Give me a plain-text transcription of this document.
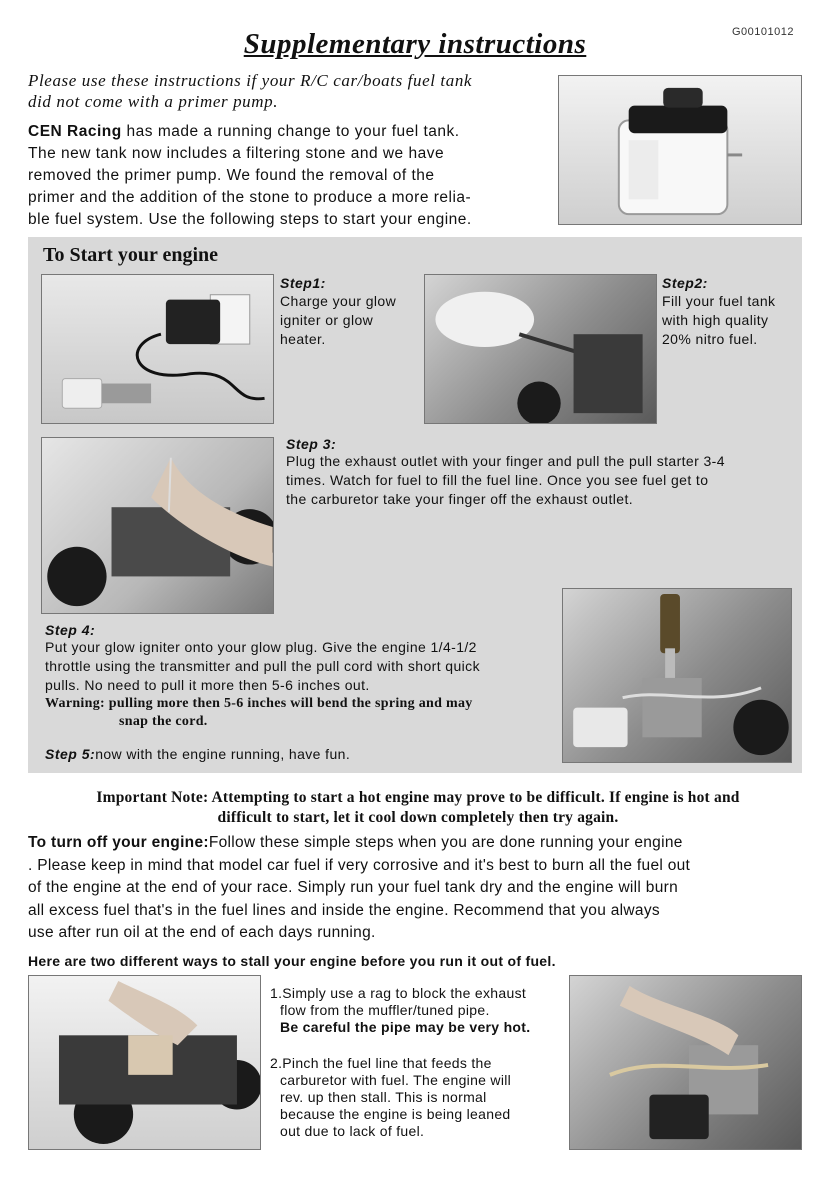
G00101012
Supplementary instructions
Please use these instructions if your R/C car/boats fuel tank
did not come with a primer pump.
CEN Racing has made a running change to your fuel tank.
The new tank now includes a filtering stone and we have
removed the primer pump. We found the removal of the
primer and the addition of the stone to produce a more relia-
ble fuel system. Use the following steps to start your engine.
To Start your engine
Step1:
Charge your glow
igniter or glow
heater.
Step2:
Fill your fuel tank
with high quality
20% nitro fuel.
Step 3:
Plug the exhaust outlet with your finger and pull the pull starter 3-4
times. Watch for fuel to fill the fuel line. Once you see fuel get to
the carburetor take your finger off the exhaust outlet.
Step 4:
Put your glow igniter onto your glow plug. Give the engine 1/4-1/2
throttle using the transmitter and pull the pull cord with short quick
pulls. No need to pull it more then 5-6 inches out.
Warning: pulling more then 5-6 inches will bend the spring and may
snap the cord.
Step 5:now with the engine running, have fun.
Important Note: Attempting to start a hot engine may prove to be difficult. If engine is hot and
difficult to start, let it cool down completely then try again.
To turn off your engine:Follow these simple steps when you are done running your engine
. Please keep in mind that model car fuel if very corrosive and it's best to burn all the fuel out
of the engine at the end of your race. Simply run your fuel tank dry and the engine will burn
all excess fuel that's in the fuel lines and inside the engine. Recommend that you always
use after run oil at the end of each days running.
Here are two different ways to stall your engine before you run it out of fuel.
1.Simply use a rag to block the exhaust
flow from the muffler/tuned pipe.
Be careful the pipe may be very hot.
2.Pinch the fuel line that feeds the
carburetor with fuel. The engine will
rev. up then stall. This is normal
because the engine is being leaned
out due to lack of fuel.
